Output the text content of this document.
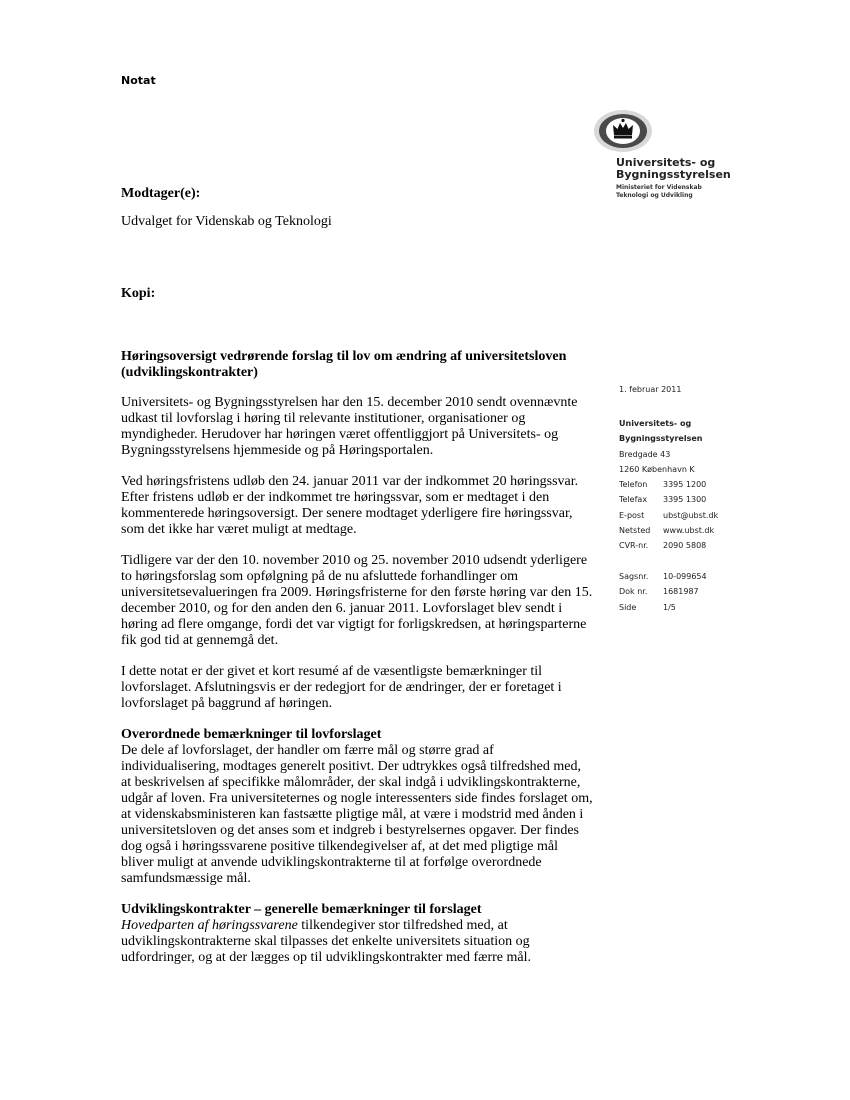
Notat
Universitets- og
Bygningsstyrelsen
Ministeriet for Videnskab
Teknologi og Udvikling
Modtager(e):
Udvalget for Videnskab og Teknologi
Kopi:
Høringsoversigt vedrørende forslag til lov om ændring af universitetsloven (udviklingskontrakter)

Universitets- og Bygningsstyrelsen har den 15. december 2010 sendt ovennævnte udkast til lovforslag i høring til relevante institutioner, organisationer og myndigheder. Herudover har høringen været offentliggjort på Universitets- og Bygningsstyrelsens hjemmeside og på Høringsportalen.

Ved høringsfristens udløb den 24. januar 2011 var der indkommet 20 høringssvar. Efter fristens udløb er der indkommet tre høringssvar, som er medtaget i den kommenterede høringsoversigt. Der senere modtaget yderligere fire høringssvar, som det ikke har været muligt at medtage.

Tidligere var der den 10. november 2010 og 25. november 2010 udsendt yderligere to høringsforslag som opfølgning på de nu afsluttede forhandlinger om universitetsevalueringen fra 2009. Høringsfristerne for den første høring var den 15. december 2010, og for den anden den 6. januar 2011. Lovforslaget blev sendt i høring ad flere omgange, fordi det var vigtigt for forligskredsen, at høringsparterne fik god tid at gennemgå det.

I dette notat er der givet et kort resumé af de væsentligste bemærkninger til lovforslaget. Afslutningsvis er der redegjort for de ændringer, der er foretaget i lovforslaget på baggrund af høringen.

Overordnede bemærkninger til lovforslaget

De dele af lovforslaget, der handler om færre mål og større grad af individualisering, modtages generelt positivt. Der udtrykkes også tilfredshed med, at beskrivelsen af specifikke målområder, der skal indgå i udviklingskontrakterne, udgår af loven. Fra universiteternes og nogle interessenters side findes forslaget om, at videnskabsministeren kan fastsætte pligtige mål, at være i modstrid med ånden i universitetsloven og det anses som et indgreb i bestyrelsernes opgaver. Der findes dog også i høringssvarene positive tilkendegivelser af, at det med pligtige mål bliver muligt at anvende udviklingskontrakterne til at forfølge overordnede samfundsmæssige mål.

Udviklingskontrakter – generelle bemærkninger til forslaget

Hovedparten af høringssvarene tilkendegiver stor tilfredshed med, at udviklingskontrakterne skal tilpasses det enkelte universitets situation og udfordringer, og at der lægges op til udviklingskontrakter med færre mål.

1. februar 2011
Universitets- og
Bygningsstyrelsen
Bredgade 43
1260 København K
Telefon	3395 1200
Telefax	3395 1300
E-post	ubst@ubst.dk
Netsted	www.ubst.dk
CVR-nr.	2090 5808
Sagsnr.	10-099654
Dok nr.	1681987
Side	1/5
